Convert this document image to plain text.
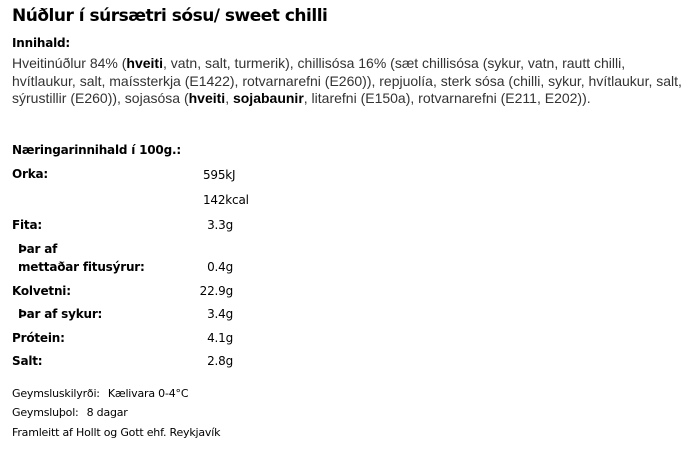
Núðlur í súrsætri sósu/ sweet chilli
Innihald:
Hveitinúðlur 84% (hveiti, vatn, salt, turmerik), chillisósa 16% (sæt chillisósa (sykur, vatn, rautt chilli, hvítlaukur, salt, maíssterkja (E1422), rotvarnarefni (E260)), repjuolía, sterk sósa (chilli, sykur, hvítlaukur, salt, sýrustillir (E260)), sojasósa (hveiti, sojabaunir, litarefni (E150a), rotvarnarefni (E211, E202)).
Næringarinnihald í 100g.:
Orka:	595kJ
142kcal
Fita:	3.3g
Þar af
mettaðar fitusýrur:	0.4g
Kolvetni:	22.9g
Þar af sykur:	3.4g
Prótein:	4.1g
Salt:	2.8g
Geymsluskilyrði: Kælivara 0-4°C
Geymsluþol: 8 dagar
Framleitt af Hollt og Gott ehf. Reykjavík
